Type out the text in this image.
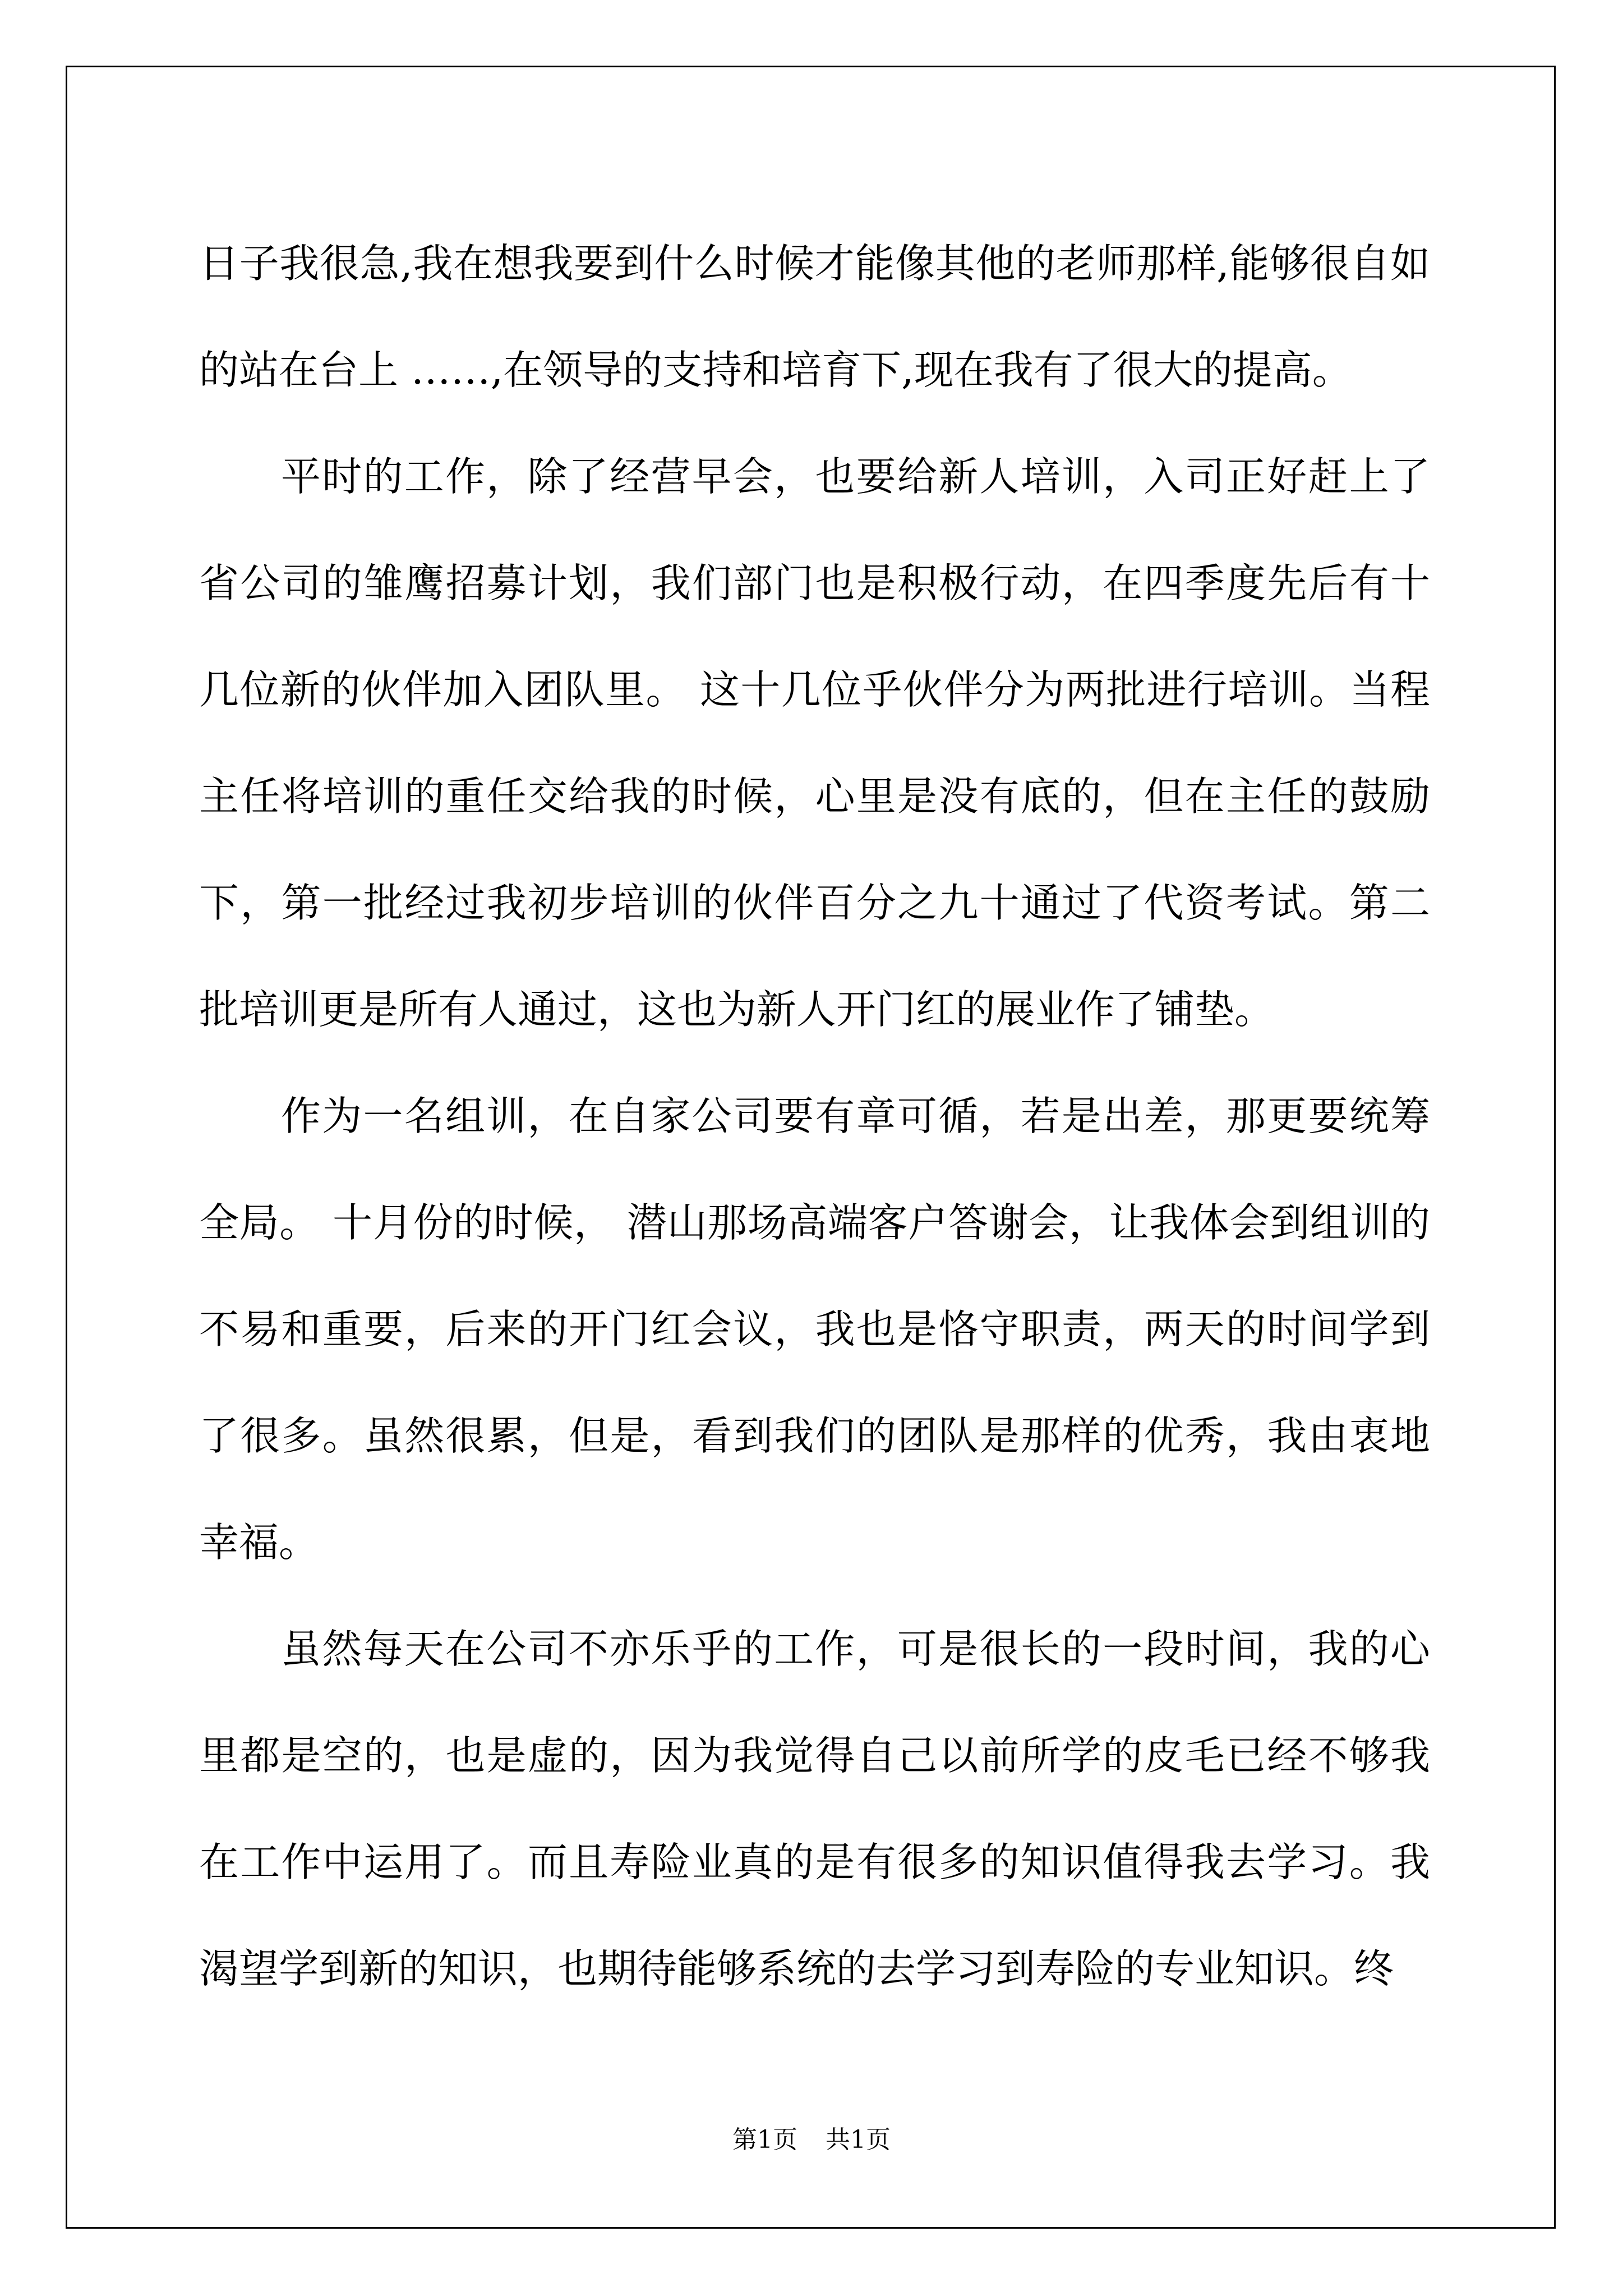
日子我很急,我在想我要到什么时候才能像其他的老师那样,能够很自如的站在台上 ……,在领导的支持和培育下,现在我有了很大的提高。

平时的工作，除了经营早会，也要给新人培训，入司正好赶上了省公司的雏鹰招募计划，我们部门也是积极行动，在四季度先后有十几位新的伙伴加入团队里。 这十几位乎伙伴分为两批进行培训。当程主任将培训的重任交给我的时候，心里是没有底的，但在主任的鼓励下，第一批经过我初步培训的伙伴百分之九十通过了代资考试。第二批培训更是所有人通过，这也为新人开门红的展业作了铺垫。

作为一名组训，在自家公司要有章可循，若是出差，那更要统筹全局。 十月份的时候， 潜山那场高端客户答谢会，让我体会到组训的不易和重要，后来的开门红会议，我也是恪守职责，两天的时间学到了很多。虽然很累，但是，看到我们的团队是那样的优秀，我由衷地幸福。

虽然每天在公司不亦乐乎的工作，可是很长的一段时间，我的心里都是空的，也是虚的，因为我觉得自己以前所学的皮毛已经不够我在工作中运用了。而且寿险业真的是有很多的知识值得我去学习。我渴望学到新的知识，也期待能够系统的去学习到寿险的专业知识。终

第1页 共1页
